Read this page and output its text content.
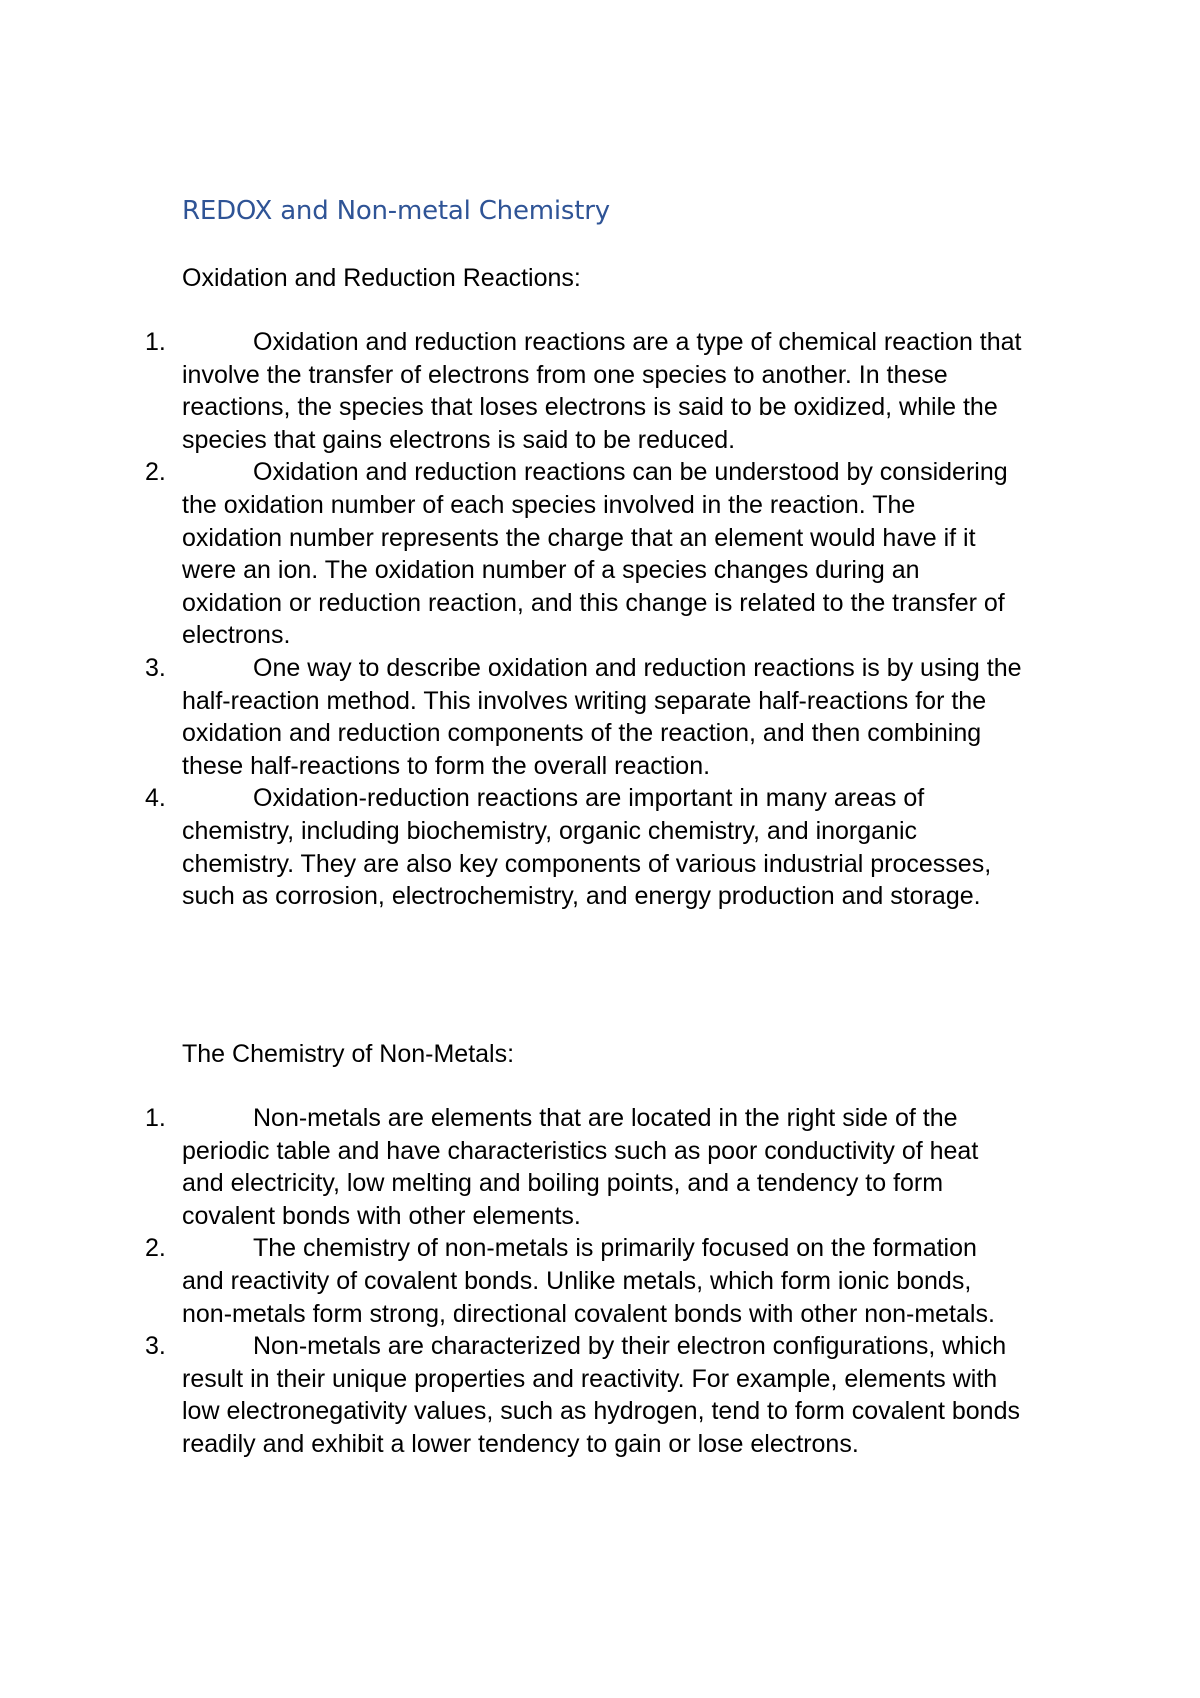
REDOX and Non-metal Chemistry
Oxidation and Reduction Reactions:
1.	Oxidation and reduction reactions are a type of chemical reaction that involve the transfer of electrons from one species to another. In these reactions, the species that loses electrons is said to be oxidized, while the species that gains electrons is said to be reduced.
2.	Oxidation and reduction reactions can be understood by considering the oxidation number of each species involved in the reaction. The oxidation number represents the charge that an element would have if it were an ion. The oxidation number of a species changes during an oxidation or reduction reaction, and this change is related to the transfer of electrons.
3.	One way to describe oxidation and reduction reactions is by using the half-reaction method. This involves writing separate half-reactions for the oxidation and reduction components of the reaction, and then combining these half-reactions to form the overall reaction.
4.	Oxidation-reduction reactions are important in many areas of chemistry, including biochemistry, organic chemistry, and inorganic chemistry. They are also key components of various industrial processes, such as corrosion, electrochemistry, and energy production and storage.
The Chemistry of Non-Metals:
1.	Non-metals are elements that are located in the right side of the periodic table and have characteristics such as poor conductivity of heat and electricity, low melting and boiling points, and a tendency to form covalent bonds with other elements.
2.	The chemistry of non-metals is primarily focused on the formation and reactivity of covalent bonds. Unlike metals, which form ionic bonds, non-metals form strong, directional covalent bonds with other non-metals.
3.	Non-metals are characterized by their electron configurations, which result in their unique properties and reactivity. For example, elements with low electronegativity values, such as hydrogen, tend to form covalent bonds readily and exhibit a lower tendency to gain or lose electrons.
